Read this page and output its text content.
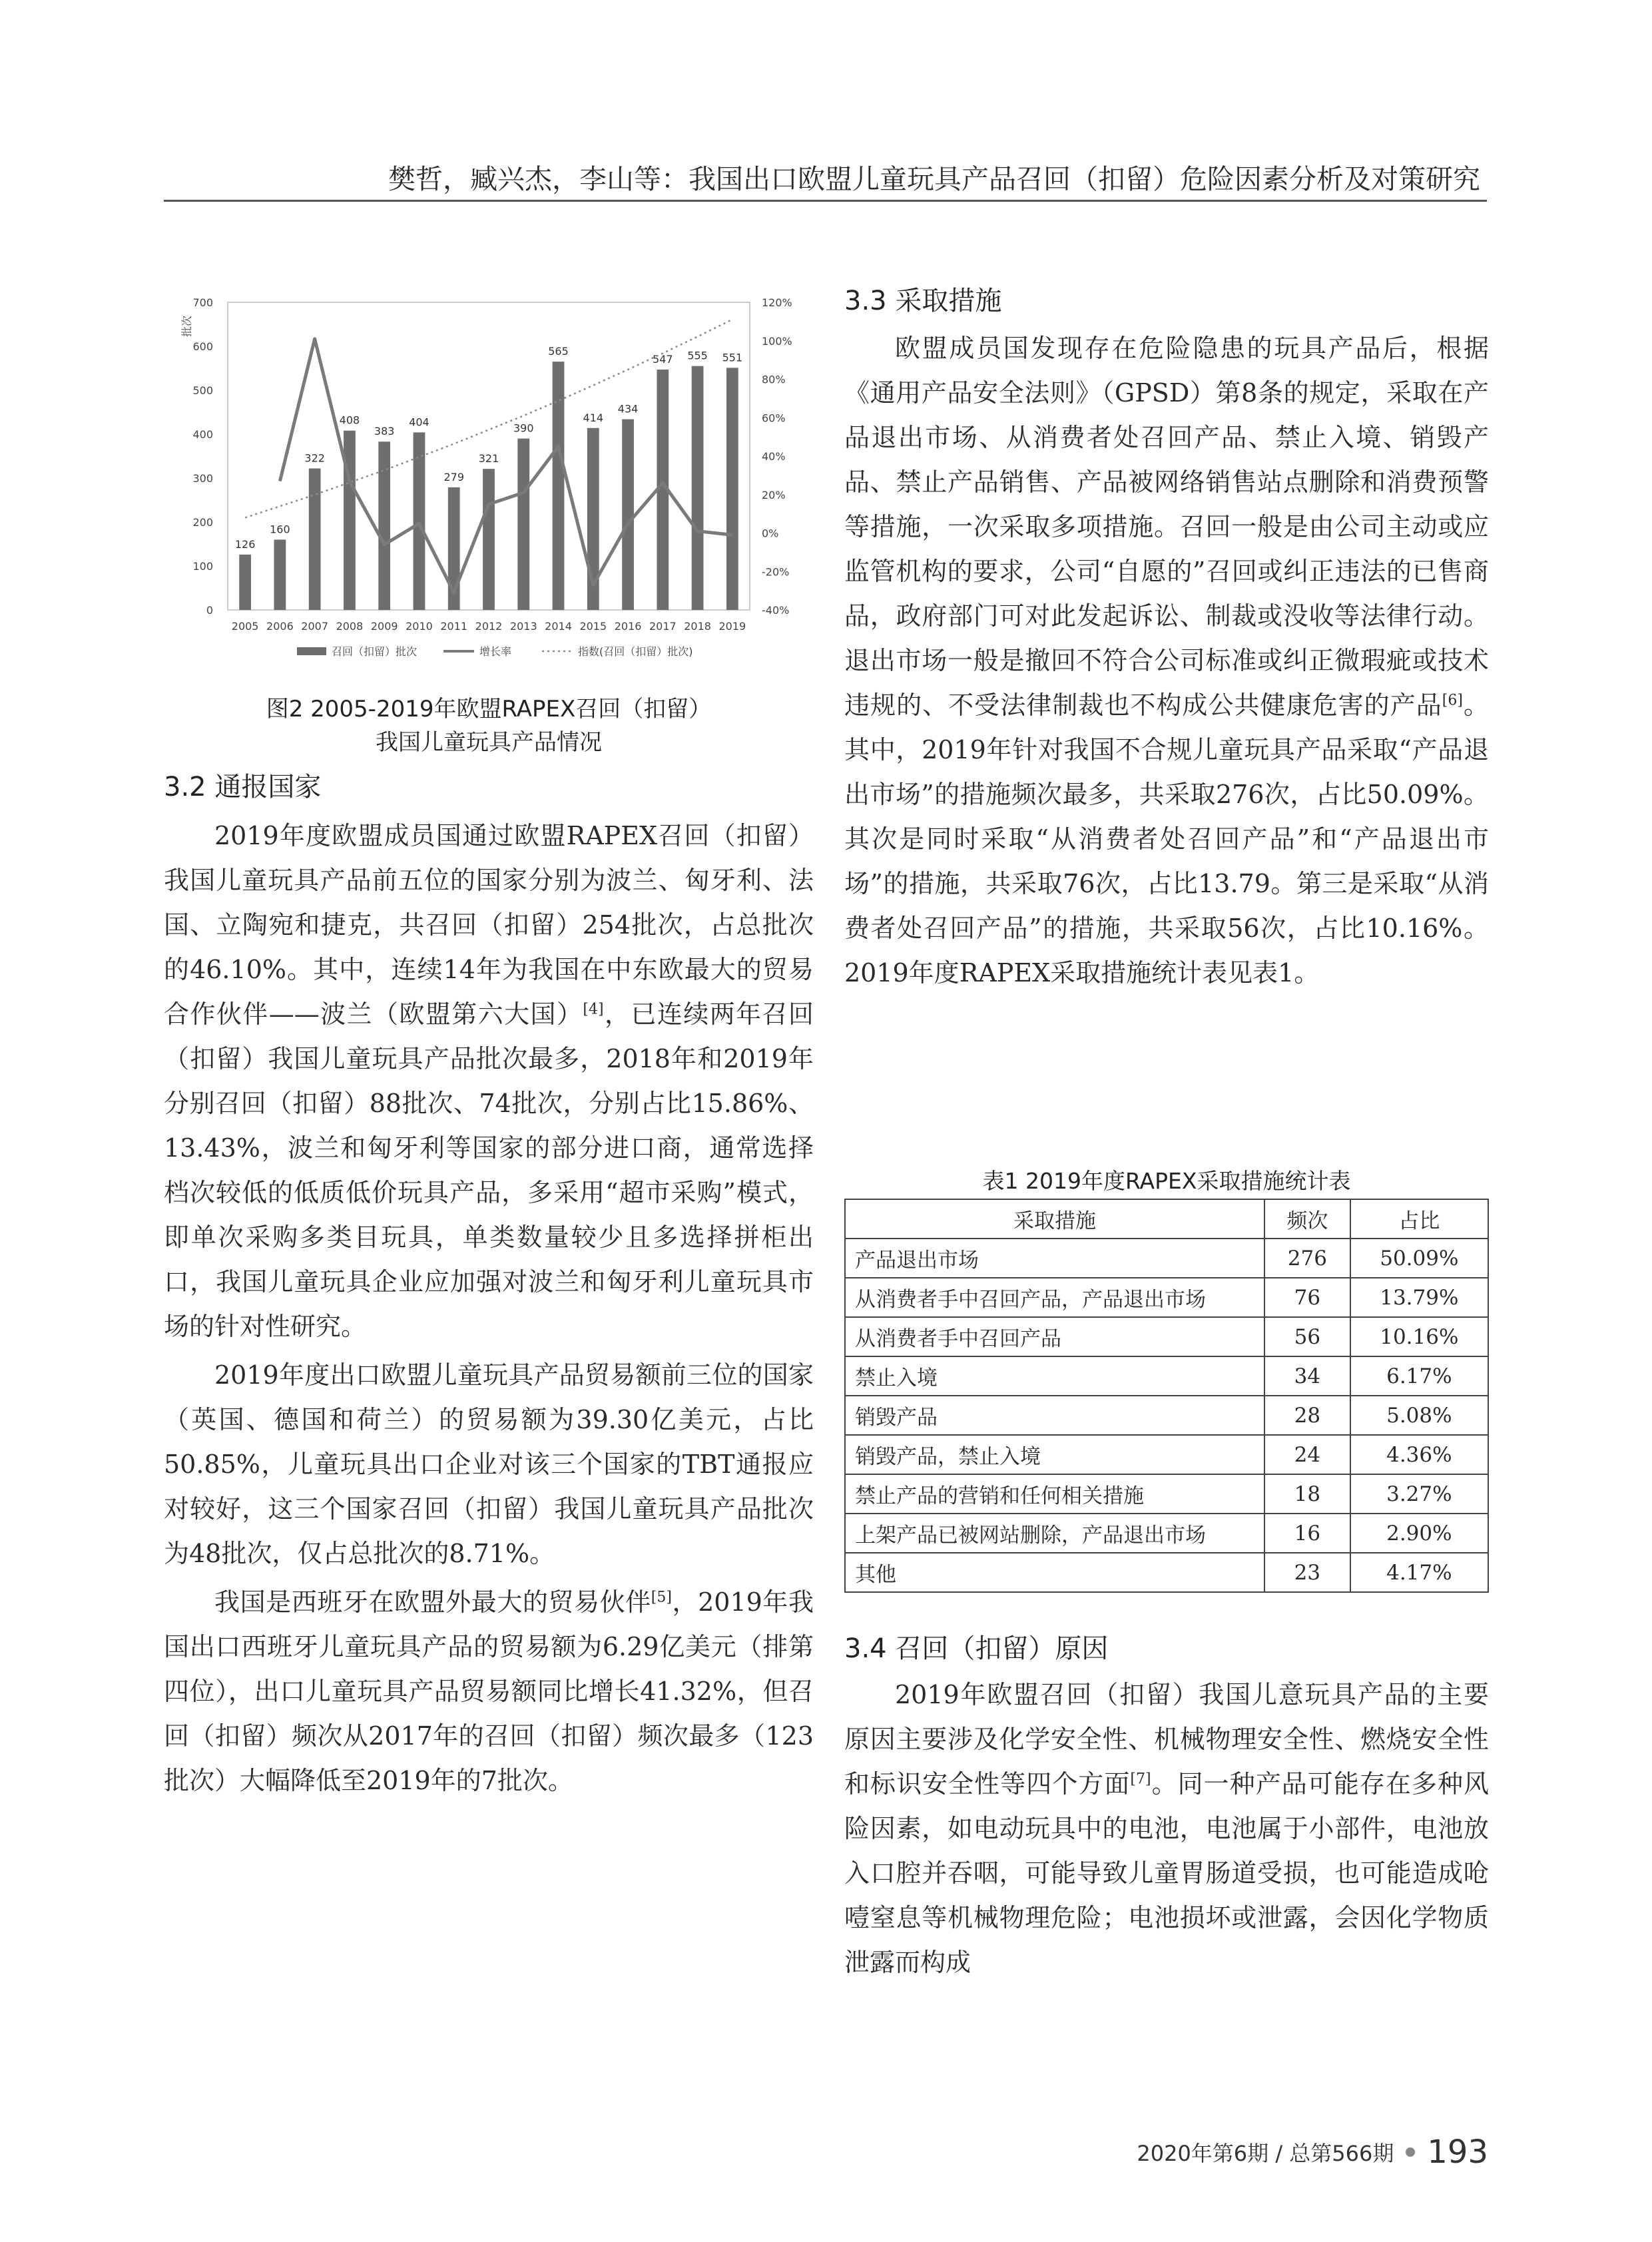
樊哲，臧兴杰，李山等：我国出口欧盟儿童玩具产品召回（扣留）危险因素分析及对策研究
0
100
200
300
400
500
600
700
-40%
-20%
0%
20%
40%
60%
80%
100%
120%
批次
126
160
322
408
383
404
279
321
390
565
414
434
547 555 551
2005 2006 2007 2008 2009 2010 2011 2012 2013 2014 2015 2016 2017 2018 2019
召回（扣留）批次	增长率	指数(召回（扣留）批次)
图2 2005-2019年欧盟RAPEX召回（扣留）
我国儿童玩具产品情况
3.2 通报国家

2019年度欧盟成员国通过欧盟RAPEX召回（扣留）我国儿童玩具产品前五位的国家分别为波兰、匈牙利、法国、立陶宛和捷克，共召回（扣留）254批次，占总批次的46.10%。其中，连续14年为我国在中东欧最大的贸易合作伙伴——波兰（欧盟第六大国）[4]，已连续两年召回（扣留）我国儿童玩具产品批次最多，2018年和2019年分别召回（扣留）88批次、74批次，分别占比15.86%、13.43%，波兰和匈牙利等国家的部分进口商，通常选择档次较低的低质低价玩具产品，多采用“超市采购”模式，即单次采购多类目玩具，单类数量较少且多选择拼柜出口，我国儿童玩具企业应加强对波兰和匈牙利儿童玩具市场的针对性研究。

2019年度出口欧盟儿童玩具产品贸易额前三位的国家（英国、德国和荷兰）的贸易额为39.30亿美元，占比50.85%，儿童玩具出口企业对该三个国家的TBT通报应对较好，这三个国家召回（扣留）我国儿童玩具产品批次为48批次，仅占总批次的8.71%。

我国是西班牙在欧盟外最大的贸易伙伴[5]，2019年我国出口西班牙儿童玩具产品的贸易额为6.29亿美元（排第四位），出口儿童玩具产品贸易额同比增长41.32%，但召回（扣留）频次从2017年的召回（扣留）频次最多（123批次）大幅降低至2019年的7批次。

3.3 采取措施

欧盟成员国发现存在危险隐患的玩具产品后，根据《通用产品安全法则》（GPSD）第8条的规定，采取在产品退出市场、从消费者处召回产品、禁止入境、销毁产品、禁止产品销售、产品被网络销售站点删除和消费预警等措施，一次采取多项措施。召回一般是由公司主动或应监管机构的要求，公司“自愿的”召回或纠正违法的已售商品，政府部门可对此发起诉讼、制裁或没收等法律行动。退出市场一般是撤回不符合公司标准或纠正微瑕疵或技术违规的、不受法律制裁也不构成公共健康危害的产品[6]。其中，2019年针对我国不合规儿童玩具产品采取“产品退出市场”的措施频次最多，共采取276次，占比50.09%。其次是同时采取“从消费者处召回产品”和“产品退出市场”的措施，共采取76次，占比13.79。第三是采取“从消费者处召回产品”的措施，共采取56次，占比10.16%。2019年度RAPEX采取措施统计表见表1。

表1 2019年度RAPEX采取措施统计表
采取措施	频次	占比
产品退出市场	276	50.09%
从消费者手中召回产品，产品退出市场	76	13.79%
从消费者手中召回产品	56	10.16%
禁止入境	34	6.17%
销毁产品	28	5.08%
销毁产品，禁止入境	24	4.36%
禁止产品的营销和任何相关措施	18	3.27%
上架产品已被网站删除，产品退出市场	16	2.90%
其他	23	4.17%
3.4 召回（扣留）原因

2019年欧盟召回（扣留）我国儿意玩具产品的主要原因主要涉及化学安全性、机械物理安全性、燃烧安全性和标识安全性等四个方面[7]。同一种产品可能存在多种风险因素，如电动玩具中的电池，电池属于小部件，电池放入口腔并吞咽，可能导致儿童胃肠道受损，也可能造成呛噎窒息等机械物理危险；电池损坏或泄露，会因化学物质泄露而构成

2020年第6期 / 总第566期 193
